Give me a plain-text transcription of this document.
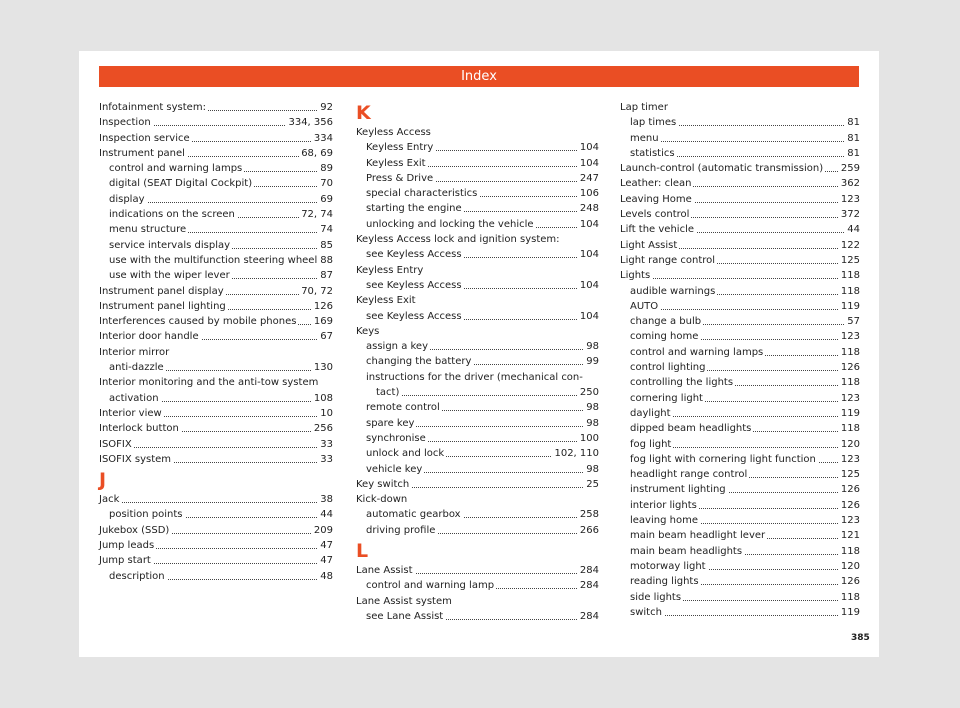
Index
Infotainment system:	92
Inspection	334, 356
Inspection service	334
Instrument panel	68, 69
control and warning lamps	89
digital (SEAT Digital Cockpit)	70
display	69
indications on the screen	72, 74
menu structure	74
service intervals display	85
use with the multifunction steering wheel 88
use with the wiper lever	87
Instrument panel display	70, 72
Instrument panel lighting	126
Interferences caused by mobile phones 169
Interior door handle	67
Interior mirror
anti-dazzle	130
Interior monitoring and the anti-tow system
activation	108
Interior view	10
Interlock button	256
ISOFIX	33
ISOFIX system	33
J
Jack	38
position points	44
Jukebox (SSD)	209
Jump leads	47
Jump start	47
description	48
K
Keyless Access
Keyless Entry	104
Keyless Exit	104
Press & Drive	247
special characteristics	106
starting the engine	248
unlocking and locking the vehicle	104
Keyless Access lock and ignition system:
see Keyless Access	104
Keyless Entry
see Keyless Access	104
Keyless Exit
see Keyless Access	104
Keys
assign a key	98
changing the battery	99
instructions for the driver (mechanical con-
tact)	250
remote control	98
spare key	98
synchronise	100
unlock and lock	102, 110
vehicle key	98
Key switch	25
Kick-down
automatic gearbox	258
driving profile	266
L
Lane Assist	284
control and warning lamp	284
Lane Assist system
see Lane Assist	284
Lap timer
lap times	81
menu	81
statistics	81
Launch-control (automatic transmission) 259
Leather: clean	362
Leaving Home	123
Levels control	372
Lift the vehicle	44
Light Assist	122
Light range control	125
Lights	118
audible warnings	118
AUTO	119
change a bulb	57
coming home	123
control and warning lamps	118
control lighting	126
controlling the lights	118
cornering light	123
daylight	119
dipped beam headlights	118
fog light	120
fog light with cornering light function	123
headlight range control	125
instrument lighting	126
interior lights	126
leaving home	123
main beam headlight lever	121
main beam headlights	118
motorway light	120
reading lights	126
side lights	118
switch	119
385
